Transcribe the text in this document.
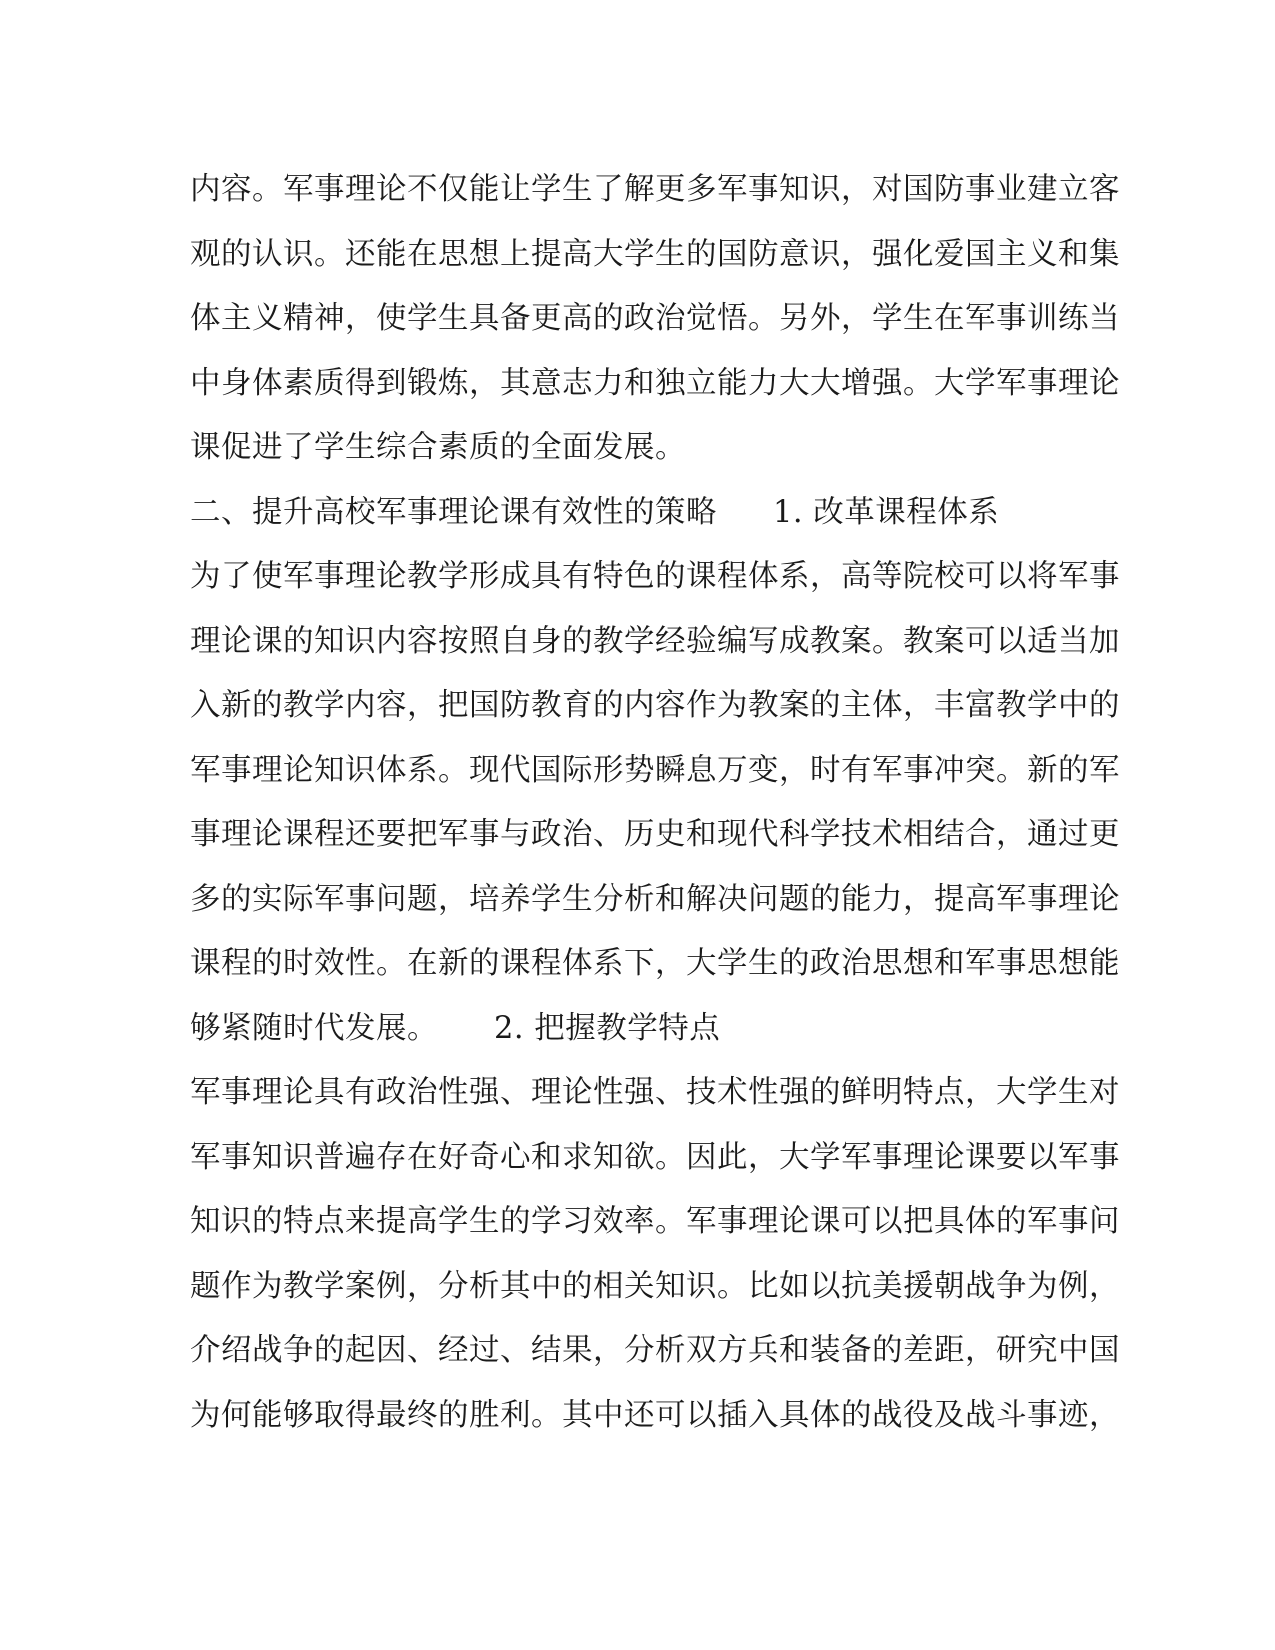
内容。军事理论不仅能让学生了解更多军事知识，对国防事业建立客
观的认识。还能在思想上提高大学生的国防意识，强化爱国主义和集
体主义精神，使学生具备更高的政治觉悟。另外，学生在军事训练当
中身体素质得到锻炼，其意志力和独立能力大大增强。大学军事理论
课促进了学生综合素质的全面发展。
二、提升高校军事理论课有效性的策略 1. 改革课程体系
为了使军事理论教学形成具有特色的课程体系，高等院校可以将军事
理论课的知识内容按照自身的教学经验编写成教案。教案可以适当加
入新的教学内容，把国防教育的内容作为教案的主体，丰富教学中的
军事理论知识体系。现代国际形势瞬息万变，时有军事冲突。新的军
事理论课程还要把军事与政治、历史和现代科学技术相结合，通过更
多的实际军事问题，培养学生分析和解决问题的能力，提高军事理论
课程的时效性。在新的课程体系下，大学生的政治思想和军事思想能
够紧随时代发展。 2. 把握教学特点
军事理论具有政治性强、理论性强、技术性强的鲜明特点，大学生对
军事知识普遍存在好奇心和求知欲。因此，大学军事理论课要以军事
知识的特点来提高学生的学习效率。军事理论课可以把具体的军事问
题作为教学案例，分析其中的相关知识。比如以抗美援朝战争为例，
介绍战争的起因、经过、结果，分析双方兵和装备的差距，研究中国
为何能够取得最终的胜利。其中还可以插入具体的战役及战斗事迹，
